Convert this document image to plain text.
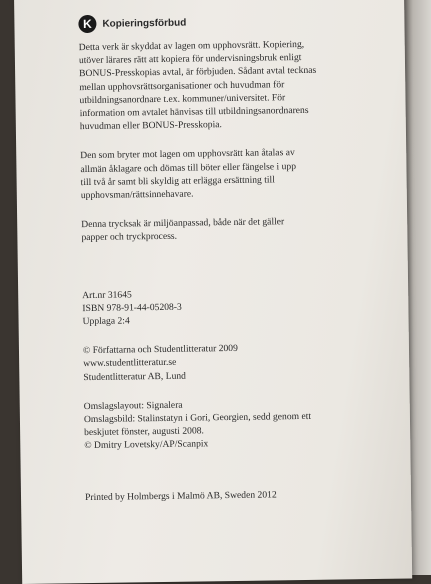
K	Kopieringsförbud

Detta verk är skyddat av lagen om upphovsrätt. Kopiering,
utöver lärares rätt att kopiera för undervisningsbruk enligt
BONUS-Presskopias avtal, är förbjuden. Sådant avtal tecknas
mellan upphovsrättsorganisationer och huvudman för
utbildningsanordnare t.ex. kommuner/universitet. För
information om avtalet hänvisas till utbildningsanordnarens
huvudman eller BONUS-Presskopia.

Den som bryter mot lagen om upphovsrätt kan åtalas av
allmän åklagare och dömas till böter eller fängelse i upp
till två år samt bli skyldig att erlägga ersättning till
upphovsman/rättsinnehavare.

Denna trycksak är miljöanpassad, både när det gäller
papper och tryckprocess.

Art.nr 31645
ISBN 978-91-44-05208-3
Upplaga 2:4

© Författarna och Studentlitteratur 2009
www.studentlitteratur.se
Studentlitteratur AB, Lund

Omslagslayout: Signalera
Omslagsbild: Stalinstatyn i Gori, Georgien, sedd genom ett
beskjutet fönster, augusti 2008.
© Dmitry Lovetsky/AP/Scanpix

Printed by Holmbergs i Malmö AB, Sweden 2012
